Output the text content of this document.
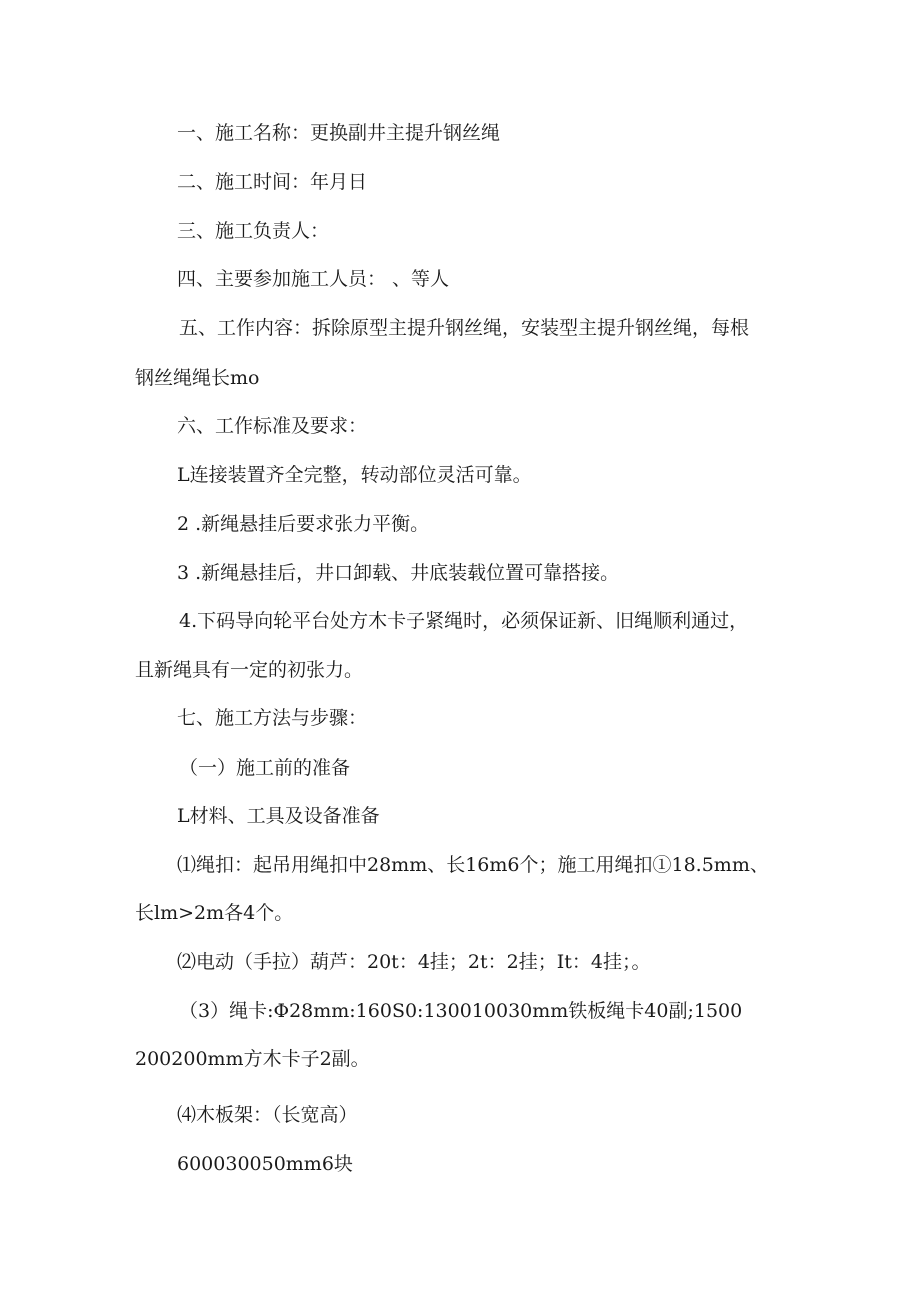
一、施工名称：更换副井主提升钢丝绳
二、施工时间：年月日
三、施工负责人：
四、主要参加施工人员： 、等人
五、工作内容：拆除原型主提升钢丝绳，安装型主提升钢丝绳，每根
钢丝绳绳长mo
六、工作标准及要求：
L连接装置齐全完整，转动部位灵活可靠。
2 .新绳悬挂后要求张力平衡。
3 .新绳悬挂后，井口卸载、井底装载位置可靠搭接。
4.下码导向轮平台处方木卡子紧绳时，必须保证新、旧绳顺利通过，
且新绳具有一定的初张力。
七、施工方法与步骤：
（一）施工前的准备
L材料、工具及设备准备
⑴绳扣：起吊用绳扣中28mm、长16m6个；施工用绳扣①18.5mm、
长lm>2m各4个。
⑵电动（手拉）葫芦：20t：4挂；2t：2挂；It：4挂；。
（3）绳卡:Φ28mm:160S0:130010030mm铁板绳卡40副;1500
200200mm方木卡子2副。
⑷木板架：（长宽高）
600030050mm6块
